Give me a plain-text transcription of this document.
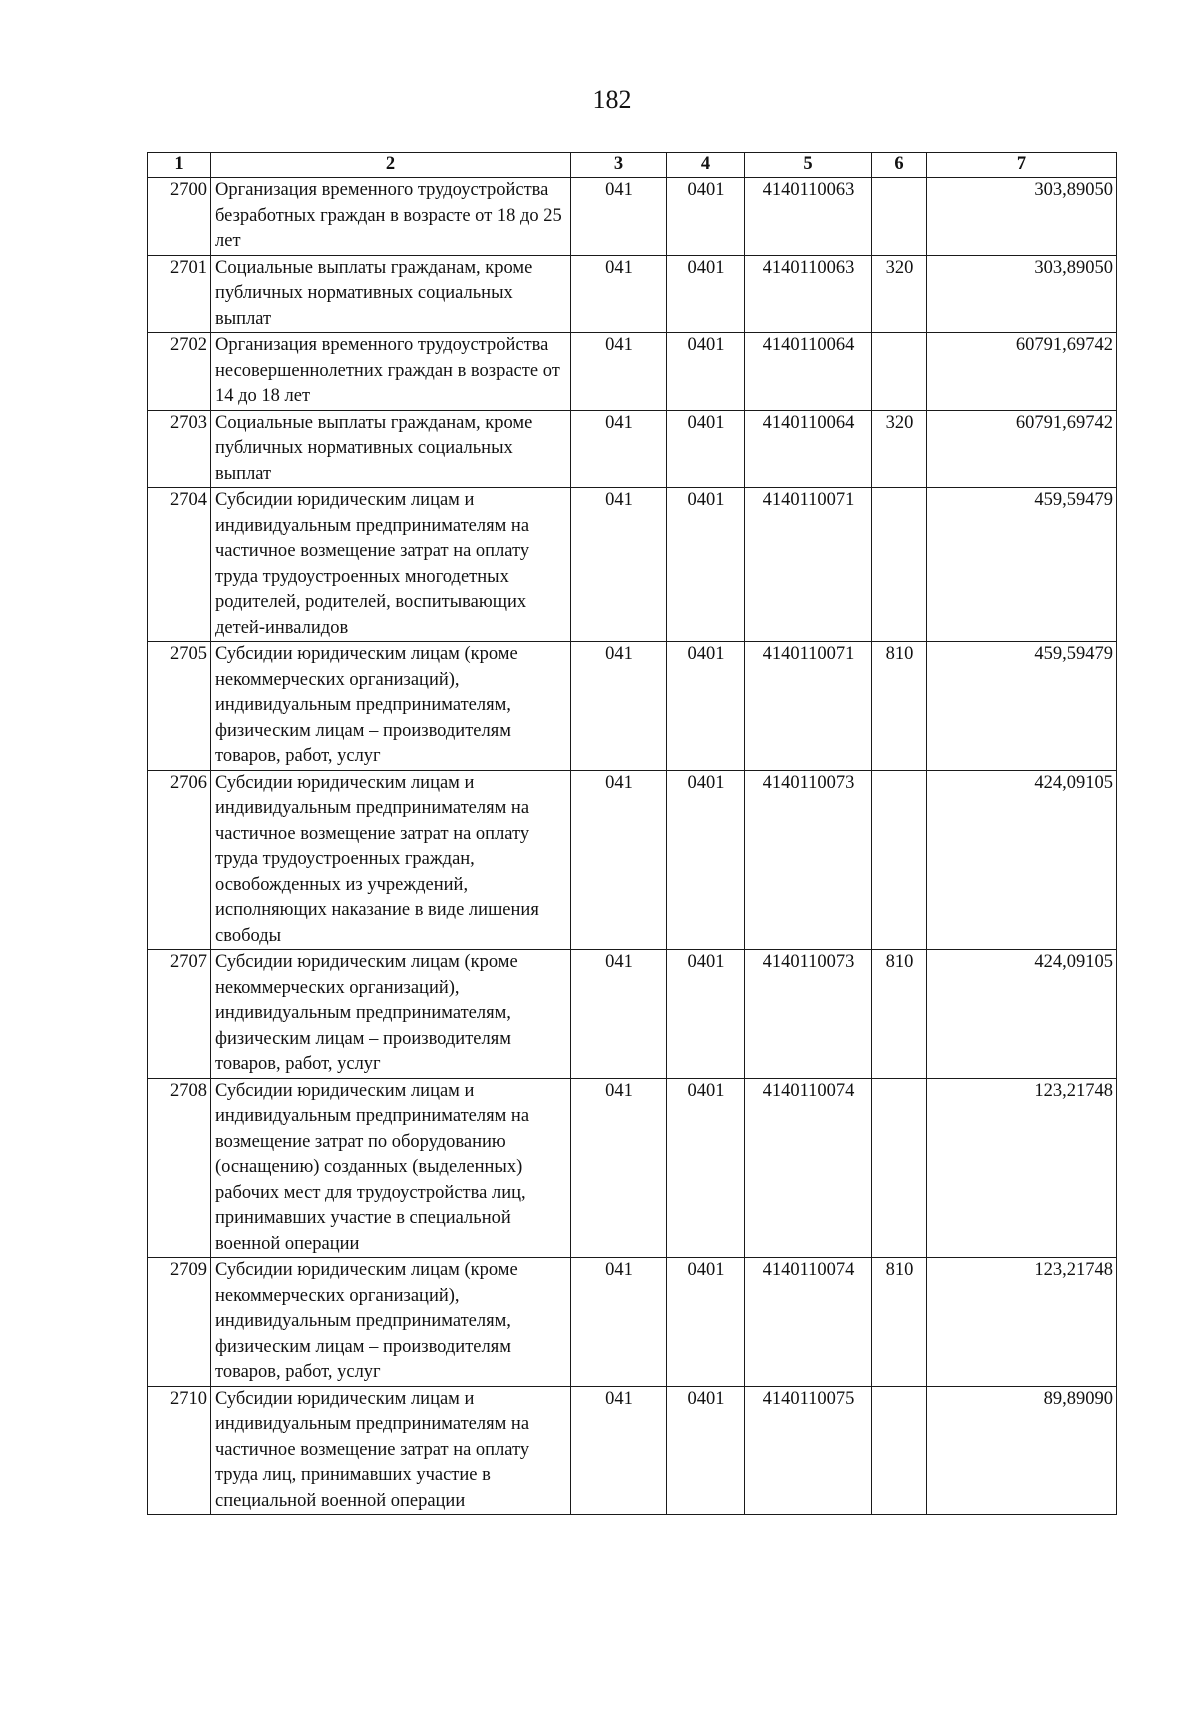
182
1	2	3	4	5	6	7
2700	Организация временного трудоустройства безработных граждан в возрасте от 18 до 25 лет	041	0401	4140110063		303,89050
2701	Социальные выплаты гражданам, кроме публичных нормативных социальных выплат	041	0401	4140110063	320	303,89050
2702	Организация временного трудоустройства несовершеннолетних граждан в возрасте от 14 до 18 лет	041	0401	4140110064		60791,69742
2703	Социальные выплаты гражданам, кроме публичных нормативных социальных выплат	041	0401	4140110064	320	60791,69742
2704	Субсидии юридическим лицам и индивидуальным предпринимателям на частичное возмещение затрат на оплату труда трудоустроенных многодетных родителей, родителей, воспитывающих детей-инвалидов	041	0401	4140110071		459,59479
2705	Субсидии юридическим лицам (кроме некоммерческих организаций), индивидуальным предпринимателям, физическим лицам – производителям товаров, работ, услуг	041	0401	4140110071	810	459,59479
2706	Субсидии юридическим лицам и индивидуальным предпринимателям на частичное возмещение затрат на оплату труда трудоустроенных граждан, освобожденных из учреждений, исполняющих наказание в виде лишения свободы	041	0401	4140110073		424,09105
2707	Субсидии юридическим лицам (кроме некоммерческих организаций), индивидуальным предпринимателям, физическим лицам – производителям товаров, работ, услуг	041	0401	4140110073	810	424,09105
2708	Субсидии юридическим лицам и индивидуальным предпринимателям на возмещение затрат по оборудованию (оснащению) созданных (выделенных) рабочих мест для трудоустройства лиц, принимавших участие в специальной военной операции	041	0401	4140110074		123,21748
2709	Субсидии юридическим лицам (кроме некоммерческих организаций), индивидуальным предпринимателям, физическим лицам – производителям товаров, работ, услуг	041	0401	4140110074	810	123,21748
2710	Субсидии юридическим лицам и индивидуальным предпринимателям на частичное возмещение затрат на оплату труда лиц, принимавших участие в специальной военной операции	041	0401	4140110075		89,89090
